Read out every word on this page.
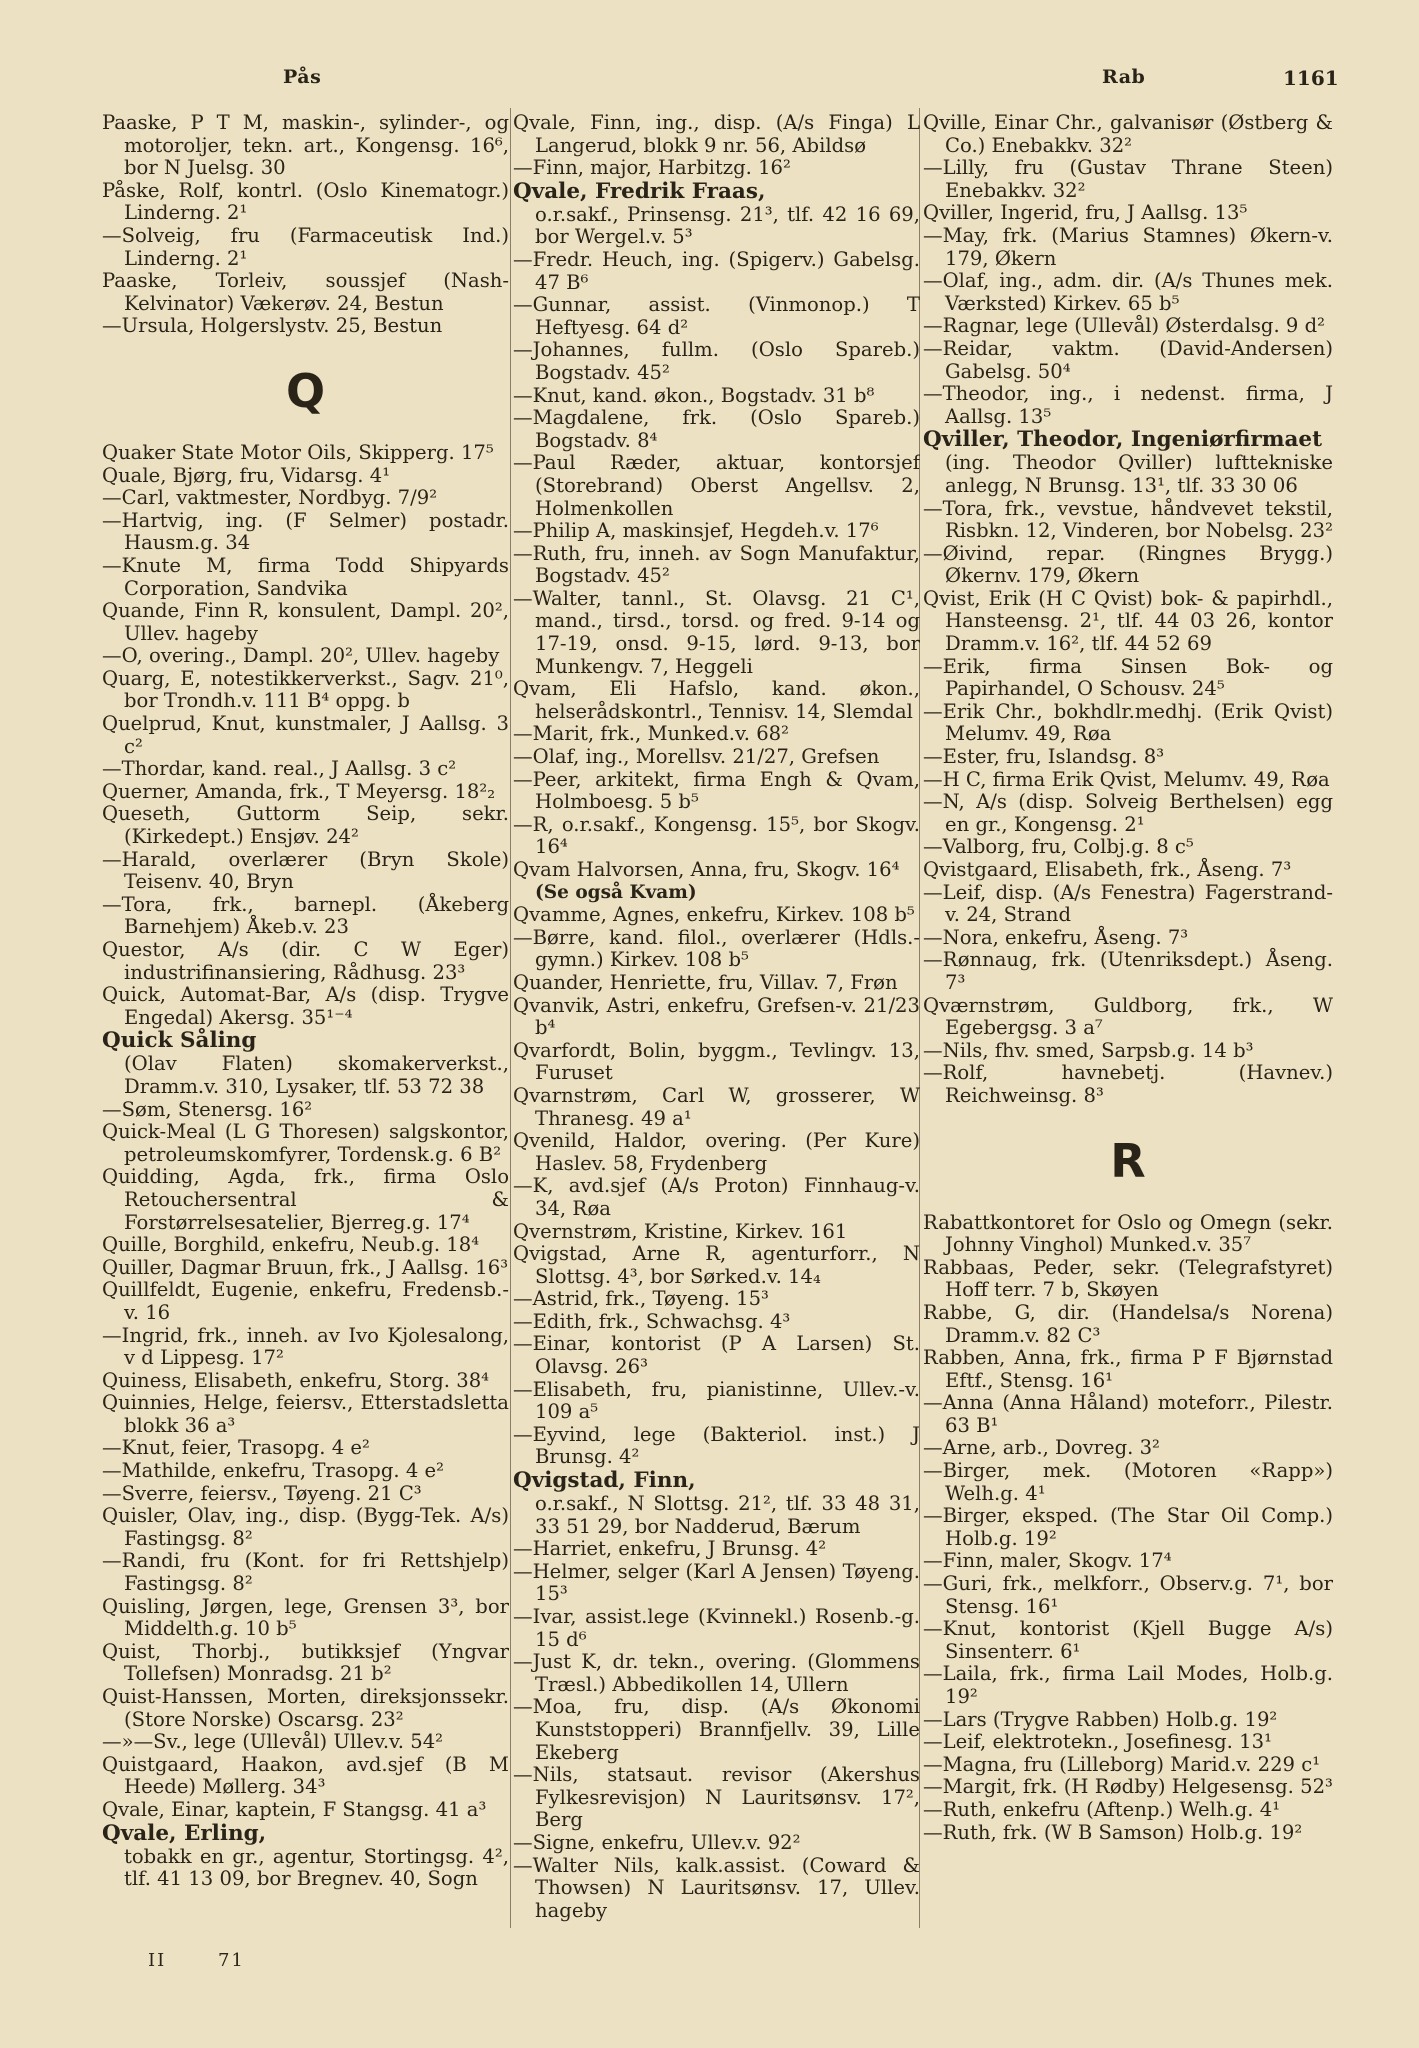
Pås	Rab	1161
Paaske, P T M, maskin-, sylinder-, og motoroljer, tekn. art., Kongensg. 16⁶, bor N Juelsg. 30
Påske, Rolf, kontrl. (Oslo Kinematogr.) Linderng. 2¹
—Solveig, fru (Farmaceutisk Ind.) Linderng. 2¹
Paaske, Torleiv, soussjef (Nash-Kelvinator) Vækerøv. 24, Bestun
—Ursula, Holgerslystv. 25, Bestun
Q
Quaker State Motor Oils, Skipperg. 17⁵
Quale, Bjørg, fru, Vidarsg. 4¹
—Carl, vaktmester, Nordbyg. 7/9²
—Hartvig, ing. (F Selmer) postadr. Hausm.g. 34
—Knute M, firma Todd Shipyards Corporation, Sandvika
Quande, Finn R, konsulent, Dampl. 20², Ullev. hageby
—O, overing., Dampl. 20², Ullev. hageby
Quarg, E, notestikkerverkst., Sagv. 21⁰, bor Trondh.v. 111 B⁴ oppg. b
Quelprud, Knut, kunstmaler, J Aallsg. 3 c²
—Thordar, kand. real., J Aallsg. 3 c²
Querner, Amanda, frk., T Meyersg. 18²₂
Queseth, Guttorm Seip, sekr. (Kirkedept.) Ensjøv. 24²
—Harald, overlærer (Bryn Skole) Teisenv. 40, Bryn
—Tora, frk., barnepl. (Åkeberg Barnehjem) Åkeb.v. 23
Questor, A/s (dir. C W Eger) industrifinansiering, Rådhusg. 23³
Quick, Automat-Bar, A/s (disp. Trygve Engedal) Akersg. 35¹⁻⁴
Quick Såling
(Olav Flaten) skomakerverkst., Dramm.v. 310, Lysaker, tlf. 53 72 38
—Søm, Stenersg. 16²
Quick-Meal (L G Thoresen) salgskontor, petroleumskomfyrer, Tordensk.g. 6 B²
Quidding, Agda, frk., firma Oslo Retouchersentral & Forstørrelsesatelier, Bjerreg.g. 17⁴
Quille, Borghild, enkefru, Neub.g. 18⁴
Quiller, Dagmar Bruun, frk., J Aallsg. 16³
Quillfeldt, Eugenie, enkefru, Fredensb.-v. 16
—Ingrid, frk., inneh. av Ivo Kjolesalong, v d Lippesg. 17²
Quiness, Elisabeth, enkefru, Storg. 38⁴
Quinnies, Helge, feiersv., Etterstadsletta blokk 36 a³
—Knut, feier, Trasopg. 4 e²
—Mathilde, enkefru, Trasopg. 4 e²
—Sverre, feiersv., Tøyeng. 21 C³
Quisler, Olav, ing., disp. (Bygg-Tek. A/s) Fastingsg. 8²
—Randi, fru (Kont. for fri Rettshjelp) Fastingsg. 8²
Quisling, Jørgen, lege, Grensen 3³, bor Middelth.g. 10 b⁵
Quist, Thorbj., butikksjef (Yngvar Tollefsen) Monradsg. 21 b²
Quist-Hanssen, Morten, direksjonssekr. (Store Norske) Oscarsg. 23²
—»—Sv., lege (Ullevål) Ullev.v. 54²
Quistgaard, Haakon, avd.sjef (B M Heede) Møllerg. 34³
Qvale, Einar, kaptein, F Stangsg. 41 a³
Qvale, Erling,
tobakk en gr., agentur, Stortingsg. 4², tlf. 41 13 09, bor Bregnev. 40, Sogn
Qvale, Finn, ing., disp. (A/s Finga) L Langerud, blokk 9 nr. 56, Abildsø
—Finn, major, Harbitzg. 16²
Qvale, Fredrik Fraas,
o.r.sakf., Prinsensg. 21³, tlf. 42 16 69, bor Wergel.v. 5³
—Fredr. Heuch, ing. (Spigerv.) Gabelsg. 47 B⁶
—Gunnar, assist. (Vinmonop.) T Heftyesg. 64 d²
—Johannes, fullm. (Oslo Spareb.) Bogstadv. 45²
—Knut, kand. økon., Bogstadv. 31 b⁸
—Magdalene, frk. (Oslo Spareb.) Bogstadv. 8⁴
—Paul Ræder, aktuar, kontorsjef (Storebrand) Oberst Angellsv. 2, Holmenkollen
—Philip A, maskinsjef, Hegdeh.v. 17⁶
—Ruth, fru, inneh. av Sogn Manufaktur, Bogstadv. 45²
—Walter, tannl., St. Olavsg. 21 C¹, mand., tirsd., torsd. og fred. 9-14 og 17-19, onsd. 9-15, lørd. 9-13, bor Munkengv. 7, Heggeli
Qvam, Eli Hafslo, kand. økon., helserådskontrl., Tennisv. 14, Slemdal
—Marit, frk., Munked.v. 68²
—Olaf, ing., Morellsv. 21/27, Grefsen
—Peer, arkitekt, firma Engh & Qvam, Holmboesg. 5 b⁵
—R, o.r.sakf., Kongensg. 15⁵, bor Skogv. 16⁴
Qvam Halvorsen, Anna, fru, Skogv. 16⁴
(Se også Kvam)
Qvamme, Agnes, enkefru, Kirkev. 108 b⁵
—Børre, kand. filol., overlærer (Hdls.-gymn.) Kirkev. 108 b⁵
Quander, Henriette, fru, Villav. 7, Frøn
Qvanvik, Astri, enkefru, Grefsen-v. 21/23 b⁴
Qvarfordt, Bolin, byggm., Tevlingv. 13, Furuset
Qvarnstrøm, Carl W, grosserer, W Thranesg. 49 a¹
Qvenild, Haldor, overing. (Per Kure) Haslev. 58, Frydenberg
—K, avd.sjef (A/s Proton) Finnhaug-v. 34, Røa
Qvernstrøm, Kristine, Kirkev. 161
Qvigstad, Arne R, agenturforr., N Slottsg. 4³, bor Sørked.v. 14₄
—Astrid, frk., Tøyeng. 15³
—Edith, frk., Schwachsg. 4³
—Einar, kontorist (P A Larsen) St. Olavsg. 26³
—Elisabeth, fru, pianistinne, Ullev.-v. 109 a⁵
—Eyvind, lege (Bakteriol. inst.) J Brunsg. 4²
Qvigstad, Finn,
o.r.sakf., N Slottsg. 21², tlf. 33 48 31, 33 51 29, bor Nadderud, Bærum
—Harriet, enkefru, J Brunsg. 4²
—Helmer, selger (Karl A Jensen) Tøyeng. 15³
—Ivar, assist.lege (Kvinnekl.) Rosenb.-g. 15 d⁶
—Just K, dr. tekn., overing. (Glommens Træsl.) Abbedikollen 14, Ullern
—Moa, fru, disp. (A/s Økonomi Kunststopperi) Brannfjellv. 39, Lille Ekeberg
—Nils, statsaut. revisor (Akershus Fylkesrevisjon) N Lauritsønsv. 17², Berg
—Signe, enkefru, Ullev.v. 92²
—Walter Nils, kalk.assist. (Coward & Thowsen) N Lauritsønsv. 17, Ullev. hageby
Qville, Einar Chr., galvanisør (Østberg & Co.) Enebakkv. 32²
—Lilly, fru (Gustav Thrane Steen) Enebakkv. 32²
Qviller, Ingerid, fru, J Aallsg. 13⁵
—May, frk. (Marius Stamnes) Økern-v. 179, Økern
—Olaf, ing., adm. dir. (A/s Thunes mek. Værksted) Kirkev. 65 b⁵
—Ragnar, lege (Ullevål) Østerdalsg. 9 d²
—Reidar, vaktm. (David-Andersen) Gabelsg. 50⁴
—Theodor, ing., i nedenst. firma, J Aallsg. 13⁵
Qviller, Theodor, Ingeniørfirmaet
(ing. Theodor Qviller) lufttekniske anlegg, N Brunsg. 13¹, tlf. 33 30 06
—Tora, frk., vevstue, håndvevet tekstil, Risbkn. 12, Vinderen, bor Nobelsg. 23²
—Øivind, repar. (Ringnes Brygg.) Økernv. 179, Økern
Qvist, Erik (H C Qvist) bok- & papirhdl., Hansteensg. 2¹, tlf. 44 03 26, kontor Dramm.v. 16², tlf. 44 52 69
—Erik, firma Sinsen Bok- og Papirhandel, O Schousv. 24⁵
—Erik Chr., bokhdlr.medhj. (Erik Qvist) Melumv. 49, Røa
—Ester, fru, Islandsg. 8³
—H C, firma Erik Qvist, Melumv. 49, Røa
—N, A/s (disp. Solveig Berthelsen) egg en gr., Kongensg. 2¹
—Valborg, fru, Colbj.g. 8 c⁵
Qvistgaard, Elisabeth, frk., Åseng. 7³
—Leif, disp. (A/s Fenestra) Fagerstrand-v. 24, Strand
—Nora, enkefru, Åseng. 7³
—Rønnaug, frk. (Utenriksdept.) Åseng. 7³
Qværnstrøm, Guldborg, frk., W Egebergsg. 3 a⁷
—Nils, fhv. smed, Sarpsb.g. 14 b³
—Rolf, havnebetj. (Havnev.) Reichweinsg. 8³
R
Rabattkontoret for Oslo og Omegn (sekr. Johnny Vinghol) Munked.v. 35⁷
Rabbaas, Peder, sekr. (Telegrafstyret) Hoff terr. 7 b, Skøyen
Rabbe, G, dir. (Handelsa/s Norena) Dramm.v. 82 C³
Rabben, Anna, frk., firma P F Bjørnstad Eftf., Stensg. 16¹
—Anna (Anna Håland) moteforr., Pilestr. 63 B¹
—Arne, arb., Dovreg. 3²
—Birger, mek. (Motoren «Rapp») Welh.g. 4¹
—Birger, eksped. (The Star Oil Comp.) Holb.g. 19²
—Finn, maler, Skogv. 17⁴
—Guri, frk., melkforr., Observ.g. 7¹, bor Stensg. 16¹
—Knut, kontorist (Kjell Bugge A/s) Sinsenterr. 6¹
—Laila, frk., firma Lail Modes, Holb.g. 19²
—Lars (Trygve Rabben) Holb.g. 19²
—Leif, elektrotekn., Josefinesg. 13¹
—Magna, fru (Lilleborg) Marid.v. 229 c¹
—Margit, frk. (H Rødby) Helgesensg. 52³
—Ruth, enkefru (Aftenp.) Welh.g. 4¹
—Ruth, frk. (W B Samson) Holb.g. 19²
II	71
